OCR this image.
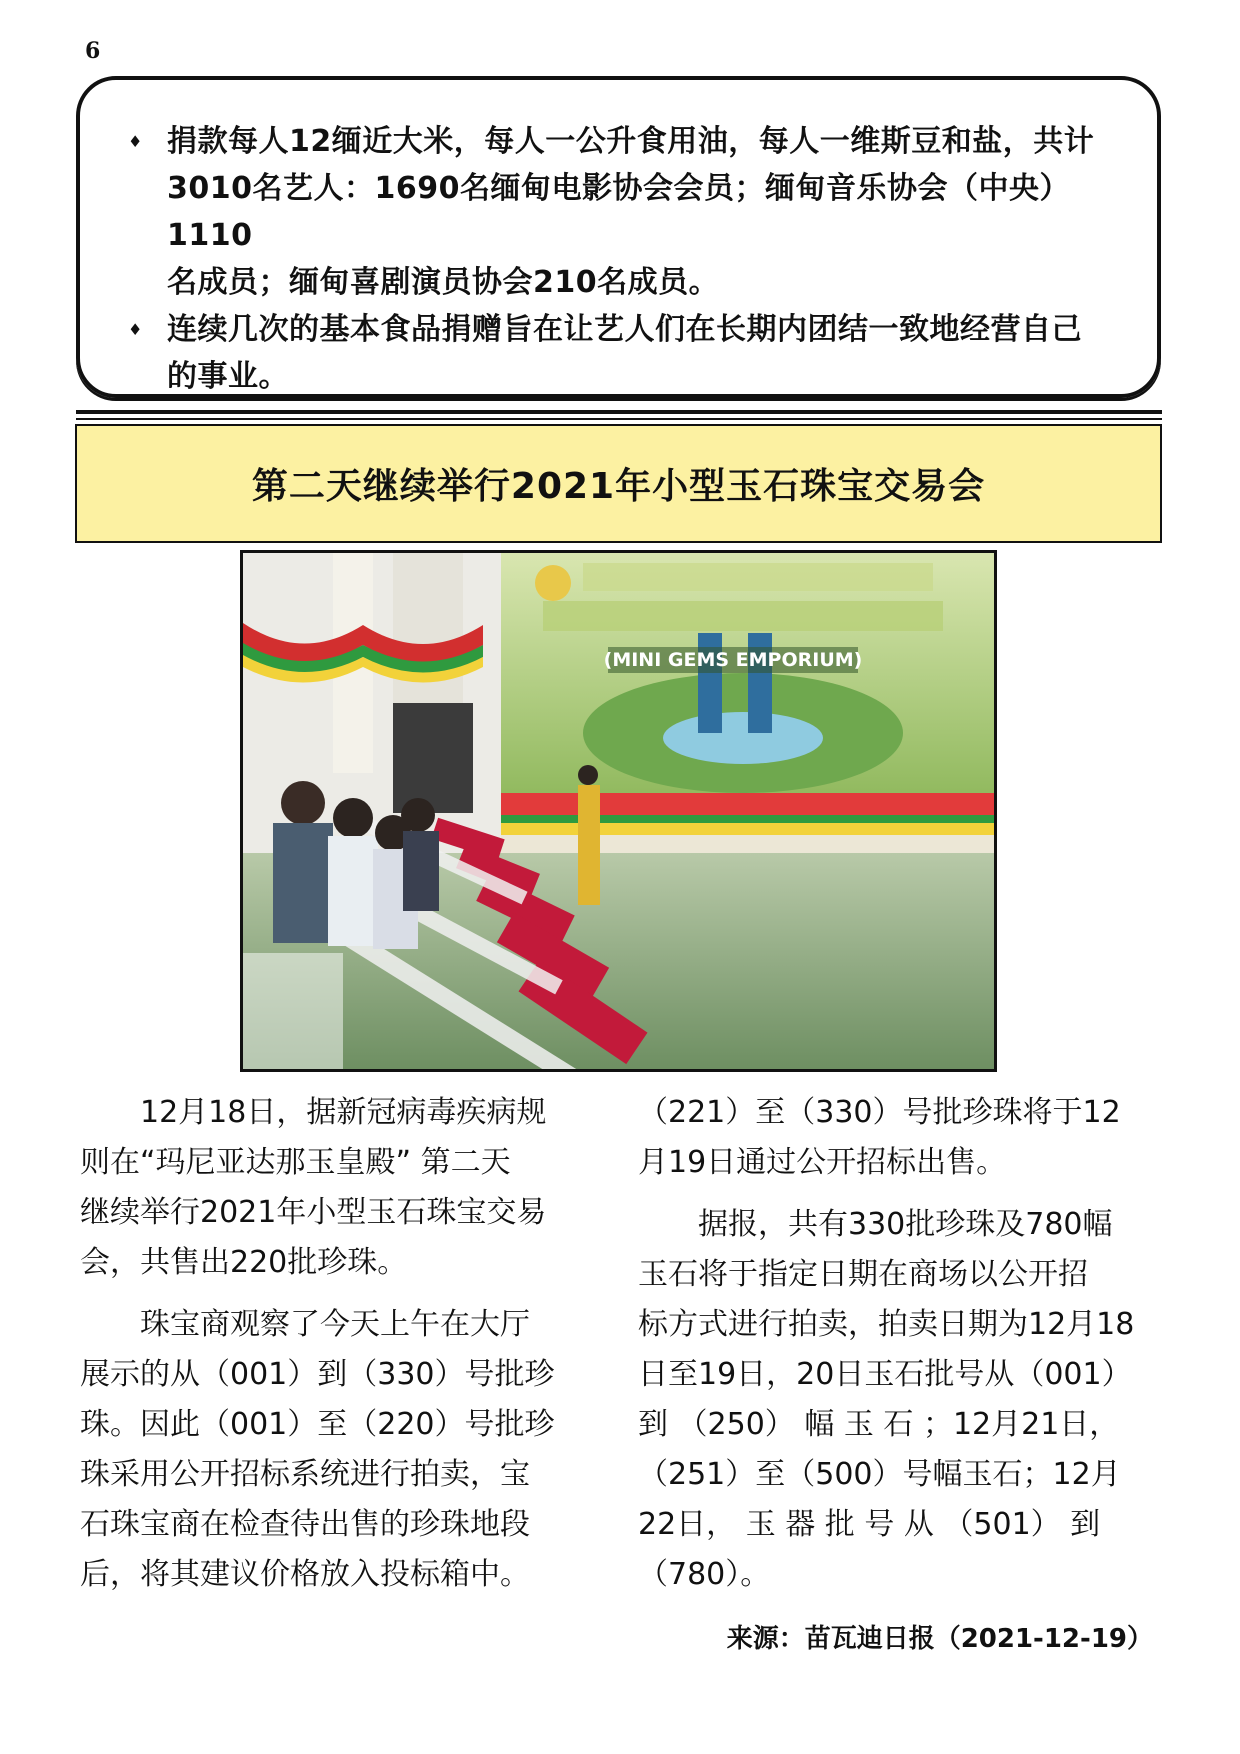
6
♦ 捐款每人12缅近大米，每人一公升食用油，每人一维斯豆和盐，共计
3010名艺人：1690名缅甸电影协会会员；缅甸音乐协会（中央）1110
名成员；缅甸喜剧演员协会210名成员。
♦ 连续几次的基本食品捐赠旨在让艺人们在长期内团结一致地经营自己
的事业。
第二天继续举行2021年小型玉石珠宝交易会
(MINI GEMS EMPORIUM)

12月18日，据新冠病毒疾病规
则在“玛尼亚达那玉皇殿” 第二天
继续举行2021年小型玉石珠宝交易
会，共售出220批珍珠。

珠宝商观察了今天上午在大厅
展示的从（001）到（330）号批珍
珠。因此（001）至（220）号批珍
珠采用公开招标系统进行拍卖，宝
石珠宝商在检查待出售的珍珠地段
后，将其建议价格放入投标箱中。

（221）至（330）号批珍珠将于12
月19日通过公开招标出售。

据报，共有330批珍珠及780幅
玉石将于指定日期在商场以公开招
标方式进行拍卖，拍卖日期为12月18
日至19日，20日玉石批号从（001）
到 （250） 幅 玉 石 ；12月21日，
（251）至（500）号幅玉石；12月
22日， 玉 器 批 号 从 （501） 到
（780）。

来源：苗瓦迪日报（2021-12-19）
